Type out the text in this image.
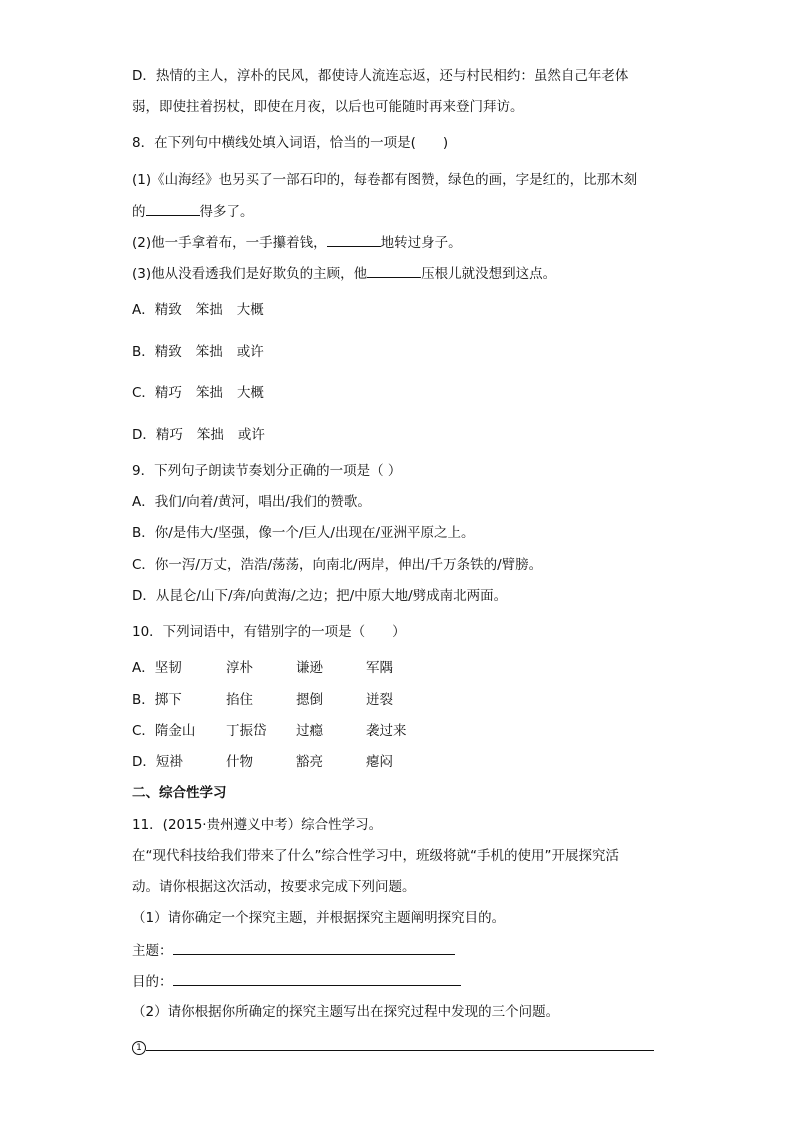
D．热情的主人，淳朴的民风，都使诗人流连忘返，还与村民相约：虽然自己年老体
弱，即使拄着拐杖，即使在月夜，以后也可能随时再来登门拜访。
8．在下列句中横线处填入词语，恰当的一项是(　　)
(1)《山海经》也另买了一部石印的，每卷都有图赞，绿色的画，字是红的，比那木刻
的	得多了。
(2)他一手拿着布，一手攥着钱，	地转过身子。
(3)他从没看透我们是好欺负的主顾，他	压根儿就没想到这点。
A．精致 笨拙 大概
B．精致 笨拙 或许
C．精巧 笨拙 大概
D．精巧 笨拙 或许
9．下列句子朗读节奏划分正确的一项是（ ）
A．我们/向着/黄河，唱出/我们的赞歌。
B．你/是伟大/坚强，像一个/巨人/出现在/亚洲平原之上。
C．你一泻/万丈，浩浩/荡荡，向南北/两岸，伸出/千万条铁的/臂膀。
D．从昆仑/山下/奔/向黄海/之边；把/中原大地/劈成南北两面。
10．下列词语中，有错别字的一项是（　　）
A．坚韧	淳朴	谦逊	军隅
B．掷下	掐住	摁倒	迸裂
C．隋金山 丁振岱 过瘾	袭过来
D．短褂	什物	豁亮	瘪闷
二、综合性学习
11．(2015·贵州遵义中考）综合性学习。
在“现代科技给我们带来了什么”综合性学习中，班级将就“手机的使用”开展探究活
动。请你根据这次活动，按要求完成下列问题。
（1）请你确定一个探究主题，并根据探究主题阐明探究目的。
主题：
目的：
（2）请你根据你所确定的探究主题写出在探究过程中发现的三个问题。
1
